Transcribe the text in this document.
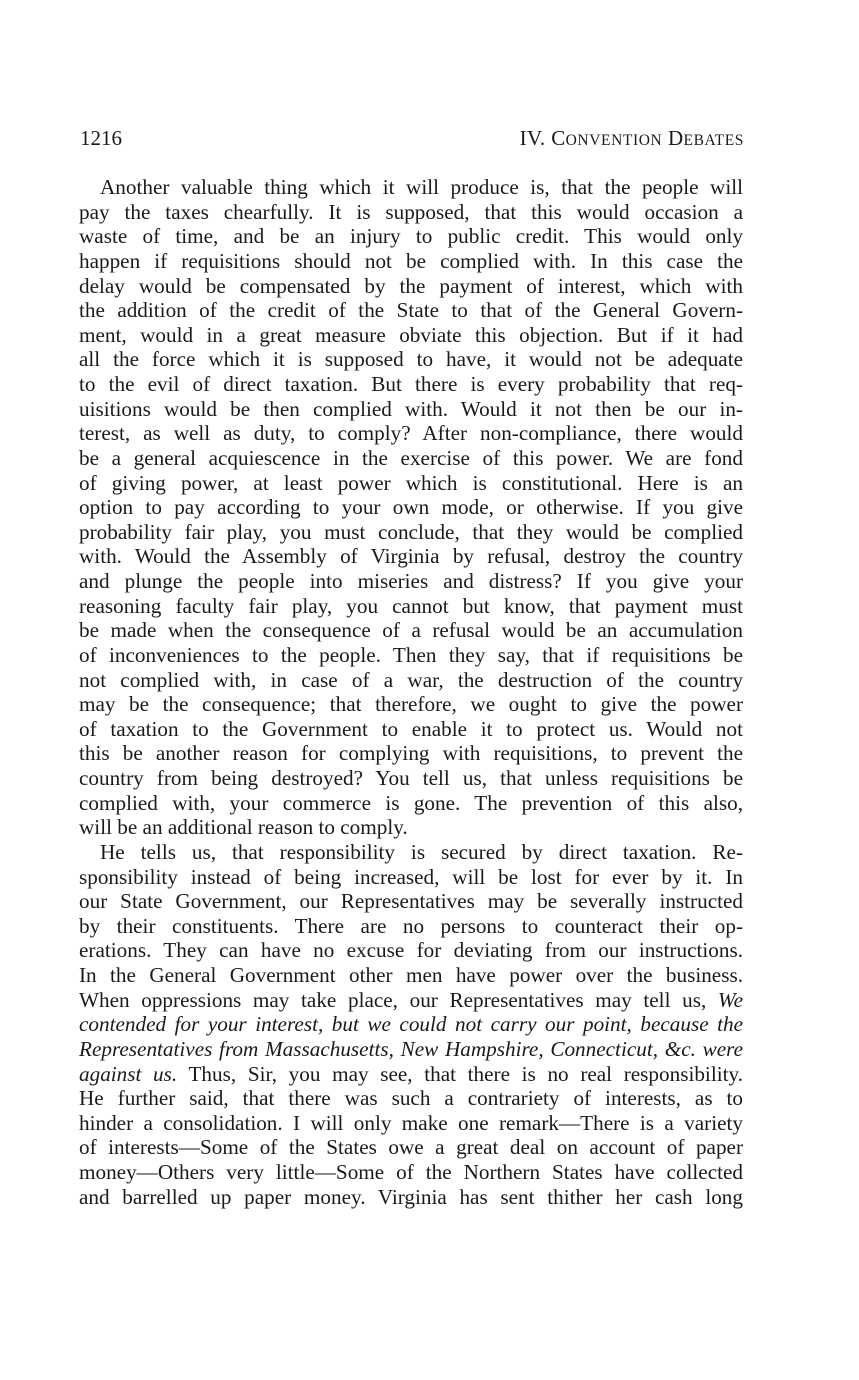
1216	IV. CONVENTION DEBATES
Another valuable thing which it will produce is, that the people will
pay the taxes chearfully. It is supposed, that this would occasion a
waste of time, and be an injury to public credit. This would only
happen if requisitions should not be complied with. In this case the
delay would be compensated by the payment of interest, which with
the addition of the credit of the State to that of the General Govern-
ment, would in a great measure obviate this objection. But if it had
all the force which it is supposed to have, it would not be adequate
to the evil of direct taxation. But there is every probability that req-
uisitions would be then complied with. Would it not then be our in-
terest, as well as duty, to comply? After non-compliance, there would
be a general acquiescence in the exercise of this power. We are fond
of giving power, at least power which is constitutional. Here is an
option to pay according to your own mode, or otherwise. If you give
probability fair play, you must conclude, that they would be complied
with. Would the Assembly of Virginia by refusal, destroy the country
and plunge the people into miseries and distress? If you give your
reasoning faculty fair play, you cannot but know, that payment must
be made when the consequence of a refusal would be an accumulation
of inconveniences to the people. Then they say, that if requisitions be
not complied with, in case of a war, the destruction of the country
may be the consequence; that therefore, we ought to give the power
of taxation to the Government to enable it to protect us. Would not
this be another reason for complying with requisitions, to prevent the
country from being destroyed? You tell us, that unless requisitions be
complied with, your commerce is gone. The prevention of this also,
will be an additional reason to comply.
He tells us, that responsibility is secured by direct taxation. Re-
sponsibility instead of being increased, will be lost for ever by it. In
our State Government, our Representatives may be severally instructed
by their constituents. There are no persons to counteract their op-
erations. They can have no excuse for deviating from our instructions.
In the General Government other men have power over the business.
When oppressions may take place, our Representatives may tell us, We
contended for your interest, but we could not carry our point, because the
Representatives from Massachusetts, New Hampshire, Connecticut, &c. were
against us. Thus, Sir, you may see, that there is no real responsibility.
He further said, that there was such a contrariety of interests, as to
hinder a consolidation. I will only make one remark—There is a variety
of interests—Some of the States owe a great deal on account of paper
money—Others very little—Some of the Northern States have collected
and barrelled up paper money. Virginia has sent thither her cash long
